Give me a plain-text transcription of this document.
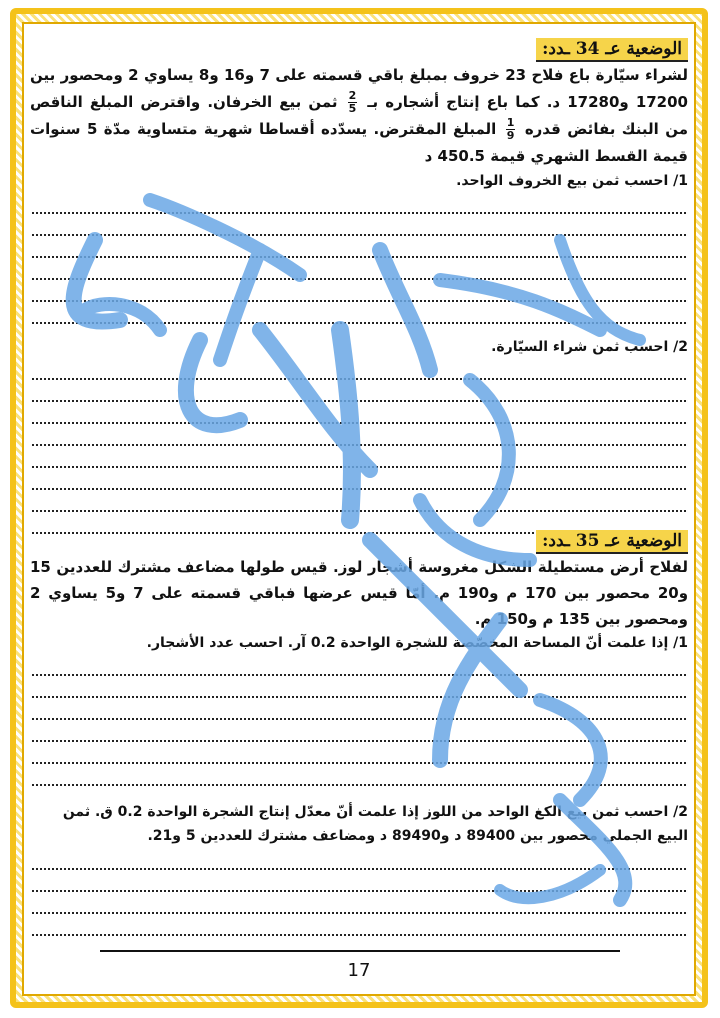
الوضعية عـ 34 ـدد:

لشراء سيّارة باع فلاح 23 خروف بمبلغ باقي قسمته على 7 و16 و8 يساوي 2 ومحصور بين 17200 و17280 د. كما باع إنتاج أشجاره بـ
$\frac{2}{5}$
ثمن بيع الخرفان. واقترض المبلغ الناقص من البنك بفائض قدره
$\frac{1}{9}$
المبلغ المقترض. يسدّده أقساطا شهرية متساوية مدّة 5 سنوات قيمة القسط الشهري قيمة 450.5 د

1/ احسب ثمن بيع الخروف الواحد.

2/ احسب ثمن شراء السيّارة.

الوضعية عـ 35 ـدد:

لفلاح أرض مستطيلة الشكل مغروسة أشجار لوز. قيس طولها مضاعف مشترك للعددين 15 و20 محصور بين 170 م و190 م. أمّا قيس عرضها فباقي قسمته على 7 و5 يساوي 2 ومحصور بين 135 م و150 م.

1/ إذا علمت أنّ المساحة المخصّصة للشجرة الواحدة 0.2 آر. احسب عدد الأشجار.

2/ احسب ثمن بيع الكغ الواحد من اللوز إذا علمت أنّ معدّل إنتاج الشجرة الواحدة 0.2 ق. ثمن البيع الجملي محصور بين 89400 د و89490 د ومضاعف مشترك للعددين 5 و21.

17
